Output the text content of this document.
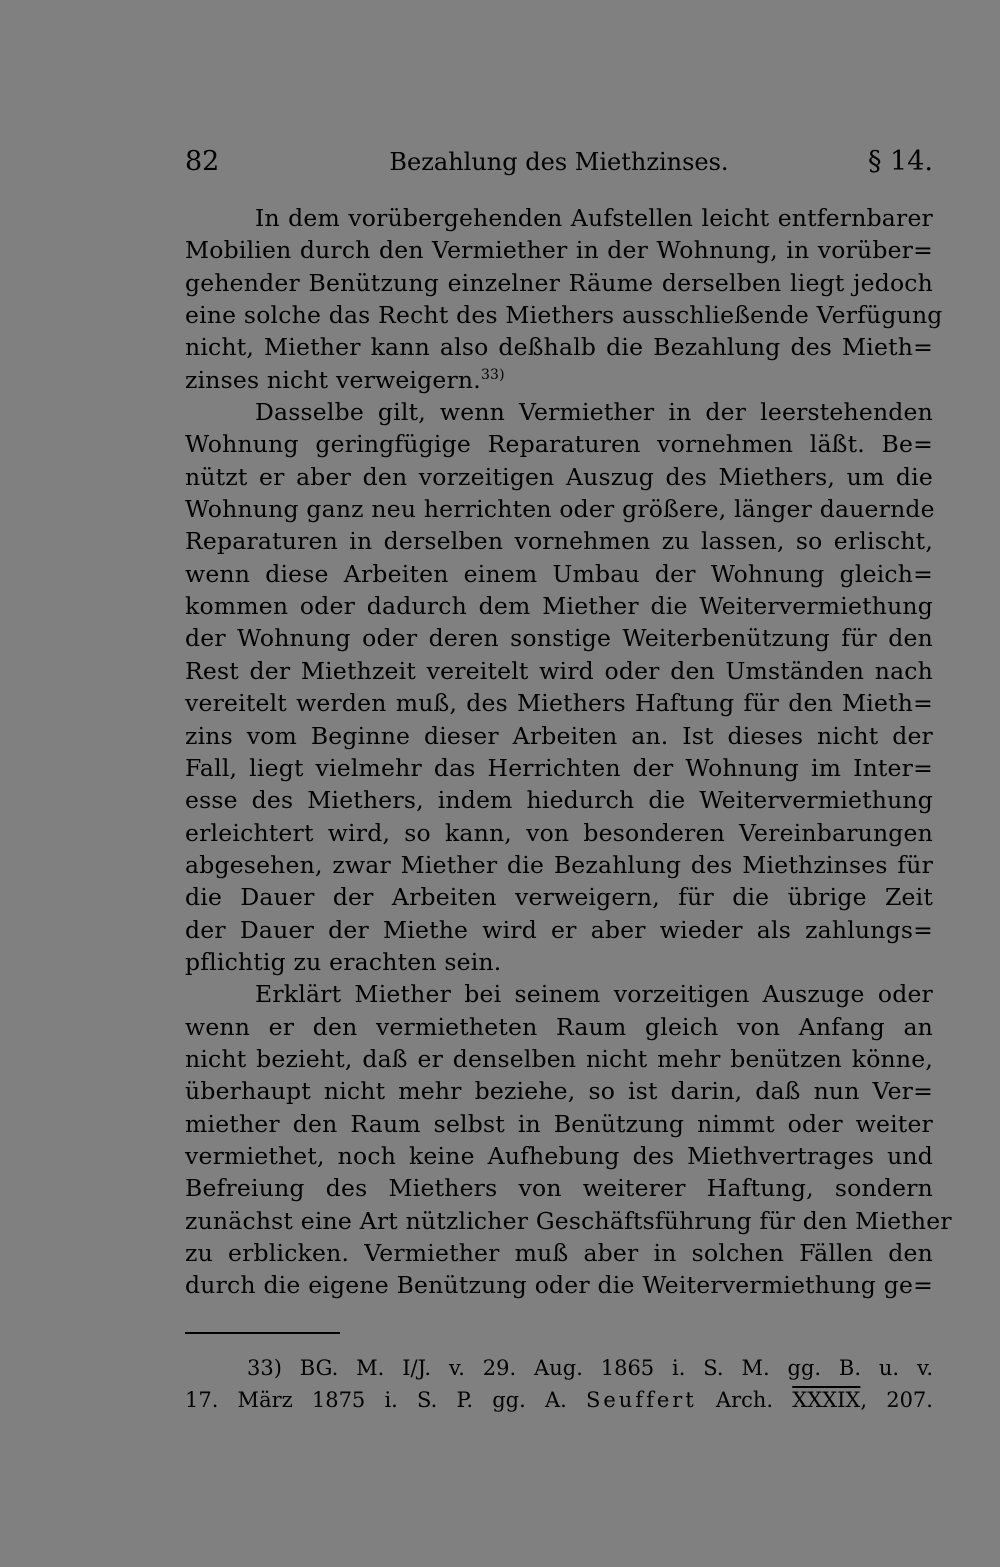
82	Bezahlung des Miethzinses.	§ 14.
In dem vorübergehenden Aufstellen leicht entfernbarer
Mobilien durch den Vermiether in der Wohnung, in vorüber=
gehender Benützung einzelner Räume derselben liegt jedoch
eine solche das Recht des Miethers ausschließende Verfügung
nicht, Miether kann also deßhalb die Bezahlung des Mieth=
zinses nicht verweigern.$^{33)}$
Dasselbe gilt, wenn Vermiether in der leerstehenden
Wohnung geringfügige Reparaturen vornehmen läßt. Be=
nützt er aber den vorzeitigen Auszug des Miethers, um die
Wohnung ganz neu herrichten oder größere, länger dauernde
Reparaturen in derselben vornehmen zu lassen, so erlischt,
wenn diese Arbeiten einem Umbau der Wohnung gleich=
kommen oder dadurch dem Miether die Weitervermiethung
der Wohnung oder deren sonstige Weiterbenützung für den
Rest der Miethzeit vereitelt wird oder den Umständen nach
vereitelt werden muß, des Miethers Haftung für den Mieth=
zins vom Beginne dieser Arbeiten an. Ist dieses nicht der
Fall, liegt vielmehr das Herrichten der Wohnung im Inter=
esse des Miethers, indem hiedurch die Weitervermiethung
erleichtert wird, so kann, von besonderen Vereinbarungen
abgesehen, zwar Miether die Bezahlung des Miethzinses für
die Dauer der Arbeiten verweigern, für die übrige Zeit
der Dauer der Miethe wird er aber wieder als zahlungs=
pflichtig zu erachten sein.
Erklärt Miether bei seinem vorzeitigen Auszuge oder
wenn er den vermietheten Raum gleich von Anfang an
nicht bezieht, daß er denselben nicht mehr benützen könne,
überhaupt nicht mehr beziehe, so ist darin, daß nun Ver=
miether den Raum selbst in Benützung nimmt oder weiter
vermiethet, noch keine Aufhebung des Miethvertrages und
Befreiung des Miethers von weiterer Haftung, sondern
zunächst eine Art nützlicher Geschäftsführung für den Miether
zu erblicken. Vermiether muß aber in solchen Fällen den
durch die eigene Benützung oder die Weitervermiethung ge=
33) BG. M. I/J. v. 29. Aug. 1865 i. S. M. gg. B. u. v.
17. März 1875 i. S. P. gg. A. Seuffert Arch. XXXIX, 207.
